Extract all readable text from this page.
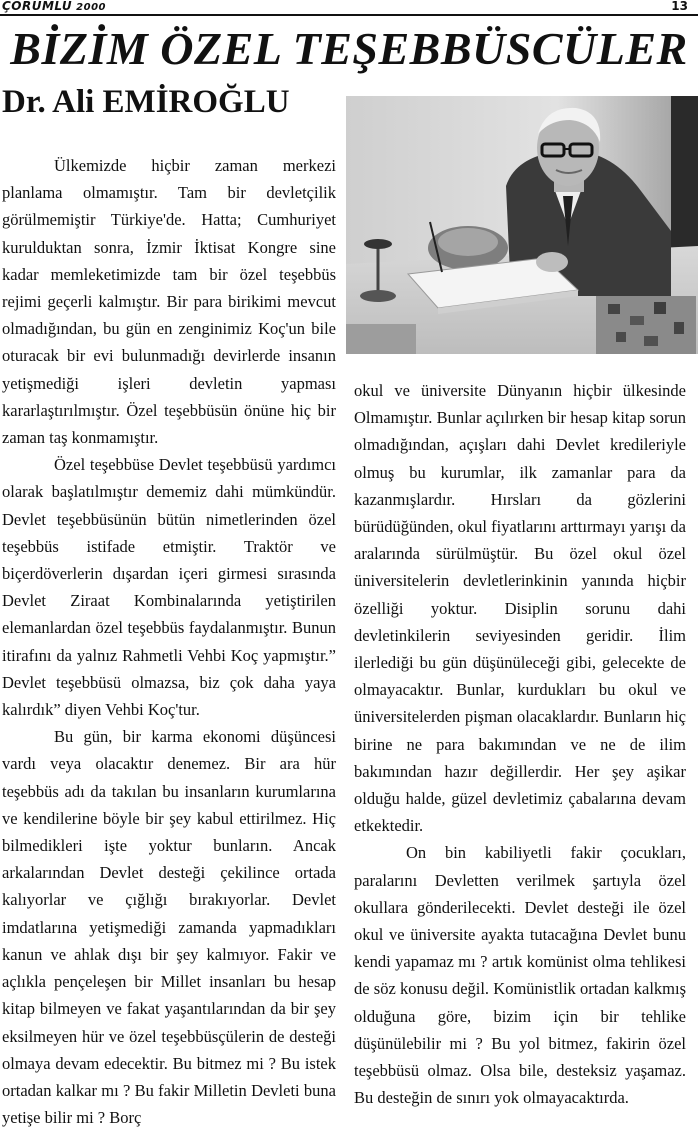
ÇORUMLU 2000	13
BİZİM ÖZEL TEŞEBBÜSCÜLER
Dr. Ali EMİROĞLU

Ülkemizde hiçbir zaman merkezi planlama olmamıştır. Tam bir devletçilik görülmemiştir Türkiye'de. Hatta; Cumhuriyet kurulduktan sonra, İzmir İktisat Kongre sine kadar memleketimizde tam bir özel teşebbüs rejimi geçerli kalmıştır. Bir para birikimi mevcut olmadığından, bu gün en zenginimiz Koç'un bile oturacak bir evi bulunmadığı devirlerde insanın yetişmediği işleri devletin yapması kararlaştırılmıştır. Özel teşebbüsün önüne hiç bir zaman taş konmamıştır.

Özel teşebbüse Devlet teşebbüsü yardımcı olarak başlatılmıştır dememiz dahi mümkündür. Devlet teşebbüsünün bütün nimetlerinden özel teşebbüs istifade etmiştir. Traktör ve biçerdöverlerin dışardan içeri girmesi sırasında Devlet Ziraat Kombinalarında yetiştirilen elemanlardan özel teşebbüs faydalanmıştır. Bunun itirafını da yalnız Rahmetli Vehbi Koç yapmıştır.” Devlet teşebbüsü olmazsa, biz çok daha yaya kalırdık” diyen Vehbi Koç'tur.

Bu gün, bir karma ekonomi düşüncesi vardı veya olacaktır denemez. Bir ara hür teşebbüs adı da takılan bu insanların kurumlarına ve kendilerine böyle bir şey kabul ettirilmez. Hiç bilmedikleri işte yoktur bunların. Ancak arkalarından Devlet desteği çekilince ortada kalıyorlar ve çığlığı bırakıyorlar. Devlet imdatlarına yetişmediği zamanda yapmadıkları kanun ve ahlak dışı bir şey kalmıyor. Fakir ve açlıkla pençeleşen bir Millet insanları bu hesap kitap bilmeyen ve fakat yaşantılarından da bir şey eksilmeyen hür ve özel teşebbüsçülerin de desteği olmaya devam edecektir. Bu bitmez mi ? Bu istek ortadan kalkar mı ? Bu fakir Milletin Devleti buna yetişe bilir mi ? Borç

okul ve üniversite Dünyanın hiçbir ülkesinde Olmamıştır. Bunlar açılırken bir hesap kitap sorun olmadığından, açışları dahi Devlet kredileriyle olmuş bu kurumlar, ilk zamanlar para da kazanmışlardır. Hırsları da gözlerini bürüdüğünden, okul fiyatlarını arttırmayı yarışı da aralarında sürülmüştür. Bu özel okul özel üniversitelerin devletlerinkinin yanında hiçbir özelliği yoktur. Disiplin sorunu dahi devletinkilerin seviyesinden geridir. İlim ilerlediği bu gün düşünüleceği gibi, gelecekte de olmayacaktır. Bunlar, kurdukları bu okul ve üniversitelerden pişman olacaklardır. Bunların hiç birine ne para bakımından ve ne de ilim bakımından hazır değillerdir. Her şey aşikar olduğu halde, güzel devletimiz çabalarına devam etkektedir.

On bin kabiliyetli fakir çocukları, paralarını Devletten verilmek şartıyla özel okullara gönderilecekti. Devlet desteği ile özel okul ve üniversite ayakta tutacağına Devlet bunu kendi yapamaz mı ? artık komünist olma tehlikesi de söz konusu değil. Komünistlik ortadan kalkmış olduğuna göre, bizim için bir tehlike düşünülebilir mi ? Bu yol bitmez, fakirin özel teşebbüsü olmaz. Olsa bile, desteksiz yaşamaz. Bu desteğin de sınırı yok olmayacaktırda.
